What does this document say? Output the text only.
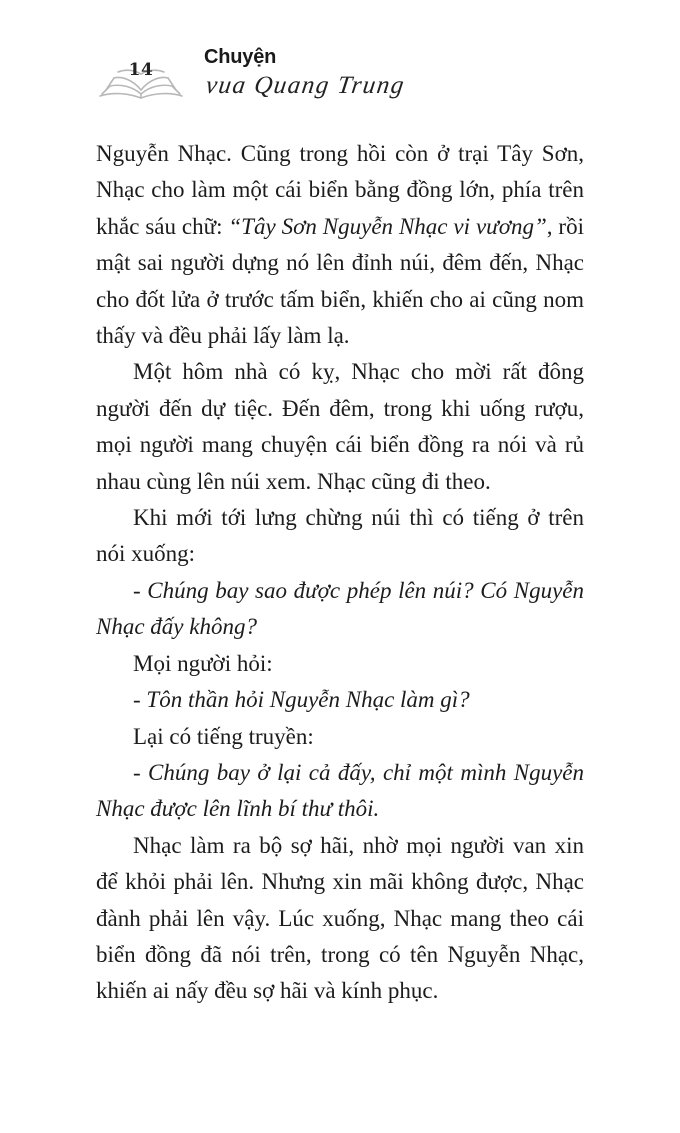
14
Chuyện
vua Quang Trung

Nguyễn Nhạc. Cũng trong hồi còn ở trại Tây Sơn, Nhạc cho làm một cái biển bằng đồng lớn, phía trên khắc sáu chữ: “Tây Sơn Nguyễn Nhạc vi vương”, rồi mật sai người dựng nó lên đỉnh núi, đêm đến, Nhạc cho đốt lửa ở trước tấm biển, khiến cho ai cũng nom thấy và đều phải lấy làm lạ.

Một hôm nhà có kỵ, Nhạc cho mời rất đông người đến dự tiệc. Đến đêm, trong khi uống rượu, mọi người mang chuyện cái biển đồng ra nói và rủ nhau cùng lên núi xem. Nhạc cũng đi theo.

Khi mới tới lưng chừng núi thì có tiếng ở trên nói xuống:

- Chúng bay sao được phép lên núi? Có Nguyễn Nhạc đấy không?

Mọi người hỏi:

- Tôn thần hỏi Nguyễn Nhạc làm gì?

Lại có tiếng truyền:

- Chúng bay ở lại cả đấy, chỉ một mình Nguyễn Nhạc được lên lĩnh bí thư thôi.

Nhạc làm ra bộ sợ hãi, nhờ mọi người van xin để khỏi phải lên. Nhưng xin mãi không được, Nhạc đành phải lên vậy. Lúc xuống, Nhạc mang theo cái biển đồng đã nói trên, trong có tên Nguyễn Nhạc, khiến ai nấy đều sợ hãi và kính phục.
